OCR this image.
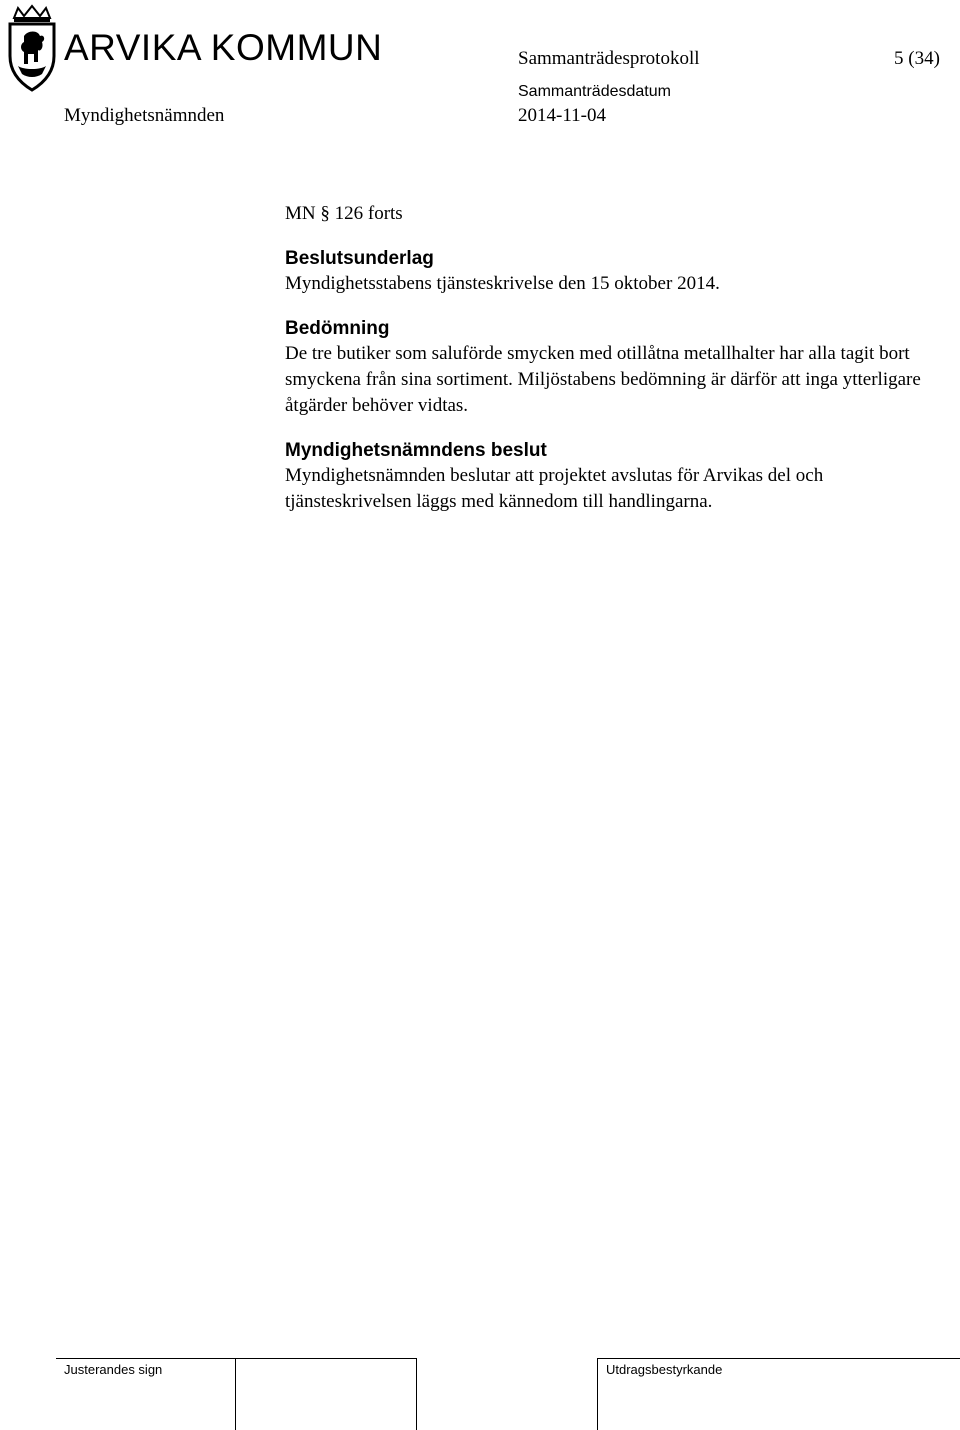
ARVIKA KOMMUN	Sammanträdesprotokoll	5 (34)
Myndighetsnämnden
Sammanträdesdatum
2014-11-04

MN § 126 forts

Beslutsunderlag

Myndighetsstabens tjänsteskrivelse den 15 oktober 2014.

Bedömning

De tre butiker som saluförde smycken med otillåtna metallhalter har alla tagit bort smyckena från sina sortiment. Miljöstabens bedömning är därför att inga ytterligare åtgärder behöver vidtas.

Myndighetsnämndens beslut

Myndighetsnämnden beslutar att projektet avslutas för Arvikas del och tjänsteskrivelsen läggs med kännedom till handlingarna.

Justerandes sign	Utdragsbestyrkande
